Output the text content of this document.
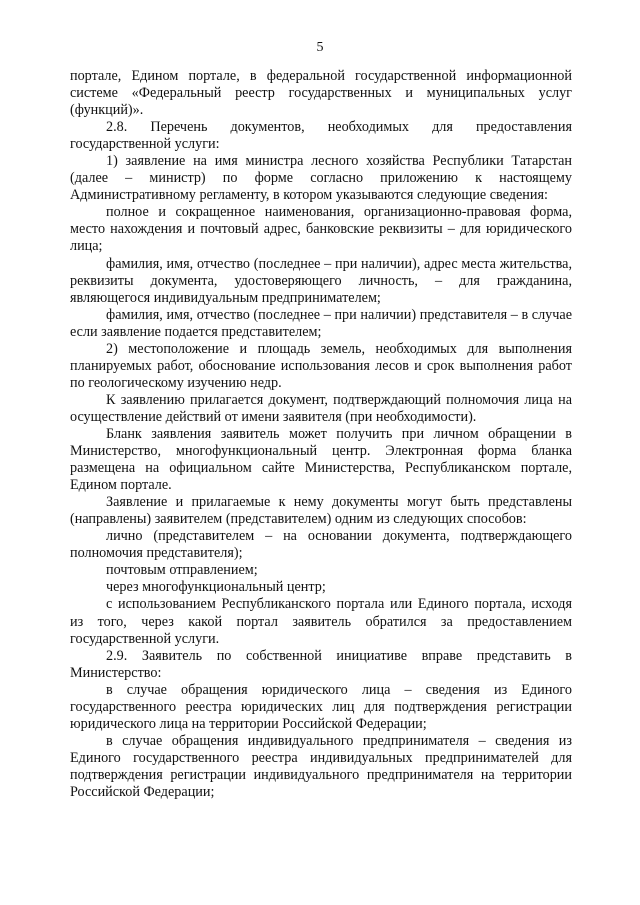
5

порталe, Едином портале, в федеральной государственной информационной системе «Федеральный реестр государственных и муниципальных услуг (функций)».

2.8. Перечень документов, необходимых для предоставления государственной услуги:

1) заявление на имя министра лесного хозяйства Республики Татарстан (далее – министр) по форме согласно приложению к настоящему Административному регламенту, в котором указываются следующие сведения:

полное и сокращенное наименования, организационно-правовая форма, место нахождения и почтовый адрес, банковские реквизиты – для юридического лица;

фамилия, имя, отчество (последнее – при наличии), адрес места жительства, реквизиты документа, удостоверяющего личность, – для гражданина, являющегося индивидуальным предпринимателем;

фамилия, имя, отчество (последнее – при наличии) представителя – в случае если заявление подается представителем;

2) местоположение и площадь земель, необходимых для выполнения планируемых работ, обоснование использования лесов и срок выполнения работ по геологическому изучению недр.

К заявлению прилагается документ, подтверждающий полномочия лица на осуществление действий от имени заявителя (при необходимости).

Бланк заявления заявитель может получить при личном обращении в Министерство, многофункциональный центр. Электронная форма бланка размещена на официальном сайте Министерства, Республиканском портале, Едином портале.

Заявление и прилагаемые к нему документы могут быть представлены (направлены) заявителем (представителем) одним из следующих способов:

лично (представителем – на основании документа, подтверждающего полномочия представителя);

почтовым отправлением;

через многофункциональный центр;

с использованием Республиканского портала или Единого портала, исходя из того, через какой портал заявитель обратился за предоставлением государственной услуги.

2.9. Заявитель по собственной инициативе вправе представить в Министерство:

в случае обращения юридического лица – сведения из Единого государственного реестра юридических лиц для подтверждения регистрации юридического лица на территории Российской Федерации;

в случае обращения индивидуального предпринимателя – сведения из Единого государственного реестра индивидуальных предпринимателей для подтверждения регистрации индивидуального предпринимателя на территории Российской Федерации;
